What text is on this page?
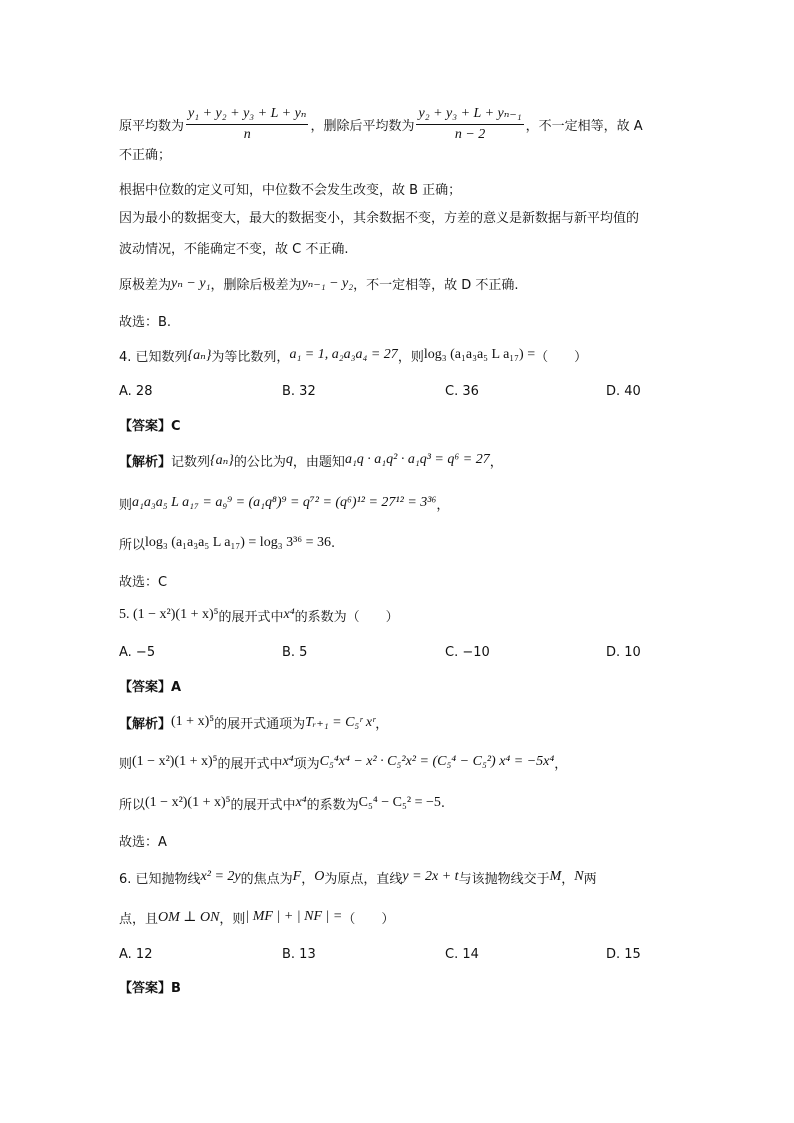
原平均数为 $\frac{\text{y₁ + y₂ + y₃ + L + yₙ}}{n}$ ，删除后平均数为 $\frac{\text{y₂ + y₃ + L + yₙ₋₁}}{n - 2}$ ，不一定相等，故 A
不正确；
根据中位数的定义可知，中位数不会发生改变，故 B 正确；
因为最小的数据变大，最大的数据变小，其余数据不变，方差的意义是新数据与新平均值的
波动情况，不能确定不变，故 C 不正确.
原极差为 yₙ − y₁ ，删除后极差为 yₙ₋₁ − y₂ ，不一定相等，故 D 不正确.
故选：B.
4. 已知数列 {aₙ} 为等比数列， a₁ = 1, a₂a₃a₄ = 27 ，则 log₃ (a₁a₃a₅ L a₁₇) = （　　）
A. 28	B. 32	C. 36	D. 40
【答案】C
【解析】 记数列 {aₙ} 的公比为 q ，由题知 a₁q · a₁q² · a₁q³ = q⁶ = 27 ，
则 a₁a₃a₅ L a₁₇ = a₉⁹ = (a₁q⁸)⁹ = q⁷² = (q⁶)¹² = 27¹² = 3³⁶ ，
所以 log₃ (a₁a₃a₅ L a₁₇) = log₃ 3³⁶ = 36 .
故选：C
5. (1 − x²)(1 + x)⁵ 的展开式中 x⁴ 的系数为（　　）
A. −5	B. 5	C. −10	D. 10
【答案】A
【解析】 (1 + x)⁵ 的展开式通项为 Tᵣ₊₁ = C₅ʳ xʳ ，
则 (1 − x²)(1 + x)⁵ 的展开式中 x⁴ 项为 C₅⁴x⁴ − x² · C₅²x² = (C₅⁴ − C₅²) x⁴ = −5x⁴ ，
所以 (1 − x²)(1 + x)⁵ 的展开式中 x⁴ 的系数为 C₅⁴ − C₅² = −5 .
故选：A
6. 已知抛物线 x² = 2y 的焦点为 F ， O 为原点，直线 y = 2x + t 与该抛物线交于 M ， N 两
点，且 OM ⊥ ON ，则 | MF | + | NF | = （　　）
A. 12	B. 13	C. 14	D. 15
【答案】B
